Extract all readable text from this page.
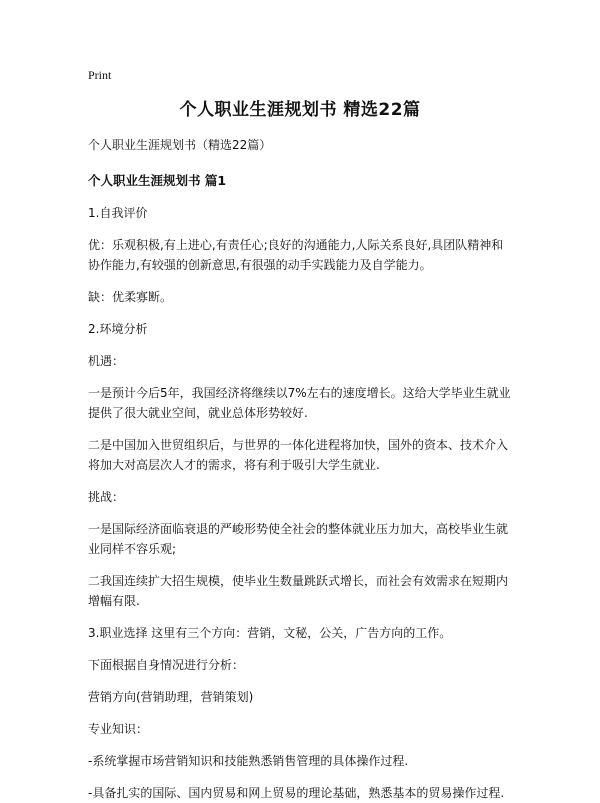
Print
个人职业生涯规划书 精选22篇
个人职业生涯规划书（精选22篇）
个人职业生涯规划书 篇1

1.自我评价

优：乐观积极,有上进心,有责任心;良好的沟通能力,人际关系良好,具团队精神和协作能力,有较强的创新意思,有很强的动手实践能力及自学能力。

缺：优柔寡断。

2.环境分析

机遇：

一是预计今后5年，我国经济将继续以7%左右的速度增长。这给大学毕业生就业提供了很大就业空间，就业总体形势较好.

二是中国加入世贸组织后，与世界的一体化进程将加快，国外的资本、技术介入将加大对高层次人才的需求，将有利于吸引大学生就业.

挑战：

一是国际经济面临衰退的严峻形势使全社会的整体就业压力加大，高校毕业生就业同样不容乐观;

二我国连续扩大招生规模，使毕业生数量跳跃式增长，而社会有效需求在短期内增幅有限.

3.职业选择 这里有三个方向：营销，文秘，公关，广告方向的工作。

下面根据自身情况进行分析：

营销方向(营销助理，营销策划)

专业知识：

-系统掌握市场营销知识和技能熟悉销售管理的具体操作过程.

-具备扎实的国际、国内贸易和网上贸易的理论基础，熟悉基本的贸易操作过程.
